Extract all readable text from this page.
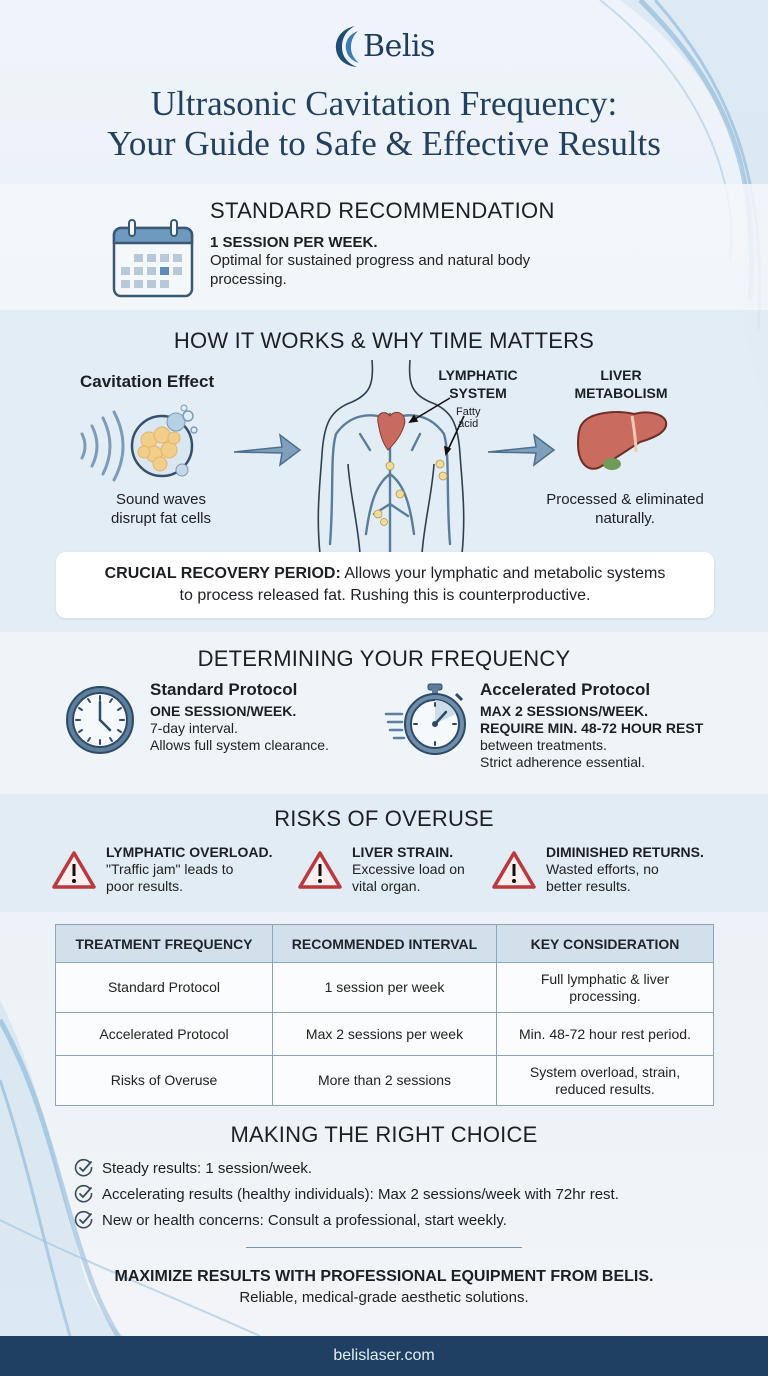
Belis
Ultrasonic Cavitation Frequency:
Your Guide to Safe & Effective Results
STANDARD RECOMMENDATION
1 SESSION PER WEEK.
Optimal for sustained progress and natural body processing.
HOW IT WORKS & WHY TIME MATTERS
Cavitation Effect
Sound waves disrupt fat cells
LYMPHATIC
SYSTEM
Fatty
acid
LIVER
METABOLISM
Processed & eliminated naturally.
CRUCIAL RECOVERY PERIOD: Allows your lymphatic and metabolic systems
to process released fat. Rushing this is counterproductive.
DETERMINING YOUR FREQUENCY
Standard Protocol
ONE SESSION/WEEK.
7-day interval.
Allows full system clearance.
Accelerated Protocol
MAX 2 SESSIONS/WEEK.
REQUIRE MIN. 48-72 HOUR REST
between treatments.
Strict adherence essential.
RISKS OF OVERUSE
LYMPHATIC OVERLOAD.
"Traffic jam" leads to
poor results.
LIVER STRAIN.
Excessive load on
vital organ.
DIMINISHED RETURNS.
Wasted efforts, no
better results.
TREATMENT FREQUENCY	RECOMMENDED INTERVAL	KEY CONSIDERATION
Standard Protocol	1 session per week	Full lymphatic & liver processing.
Accelerated Protocol	Max 2 sessions per week	Min. 48-72 hour rest period.
Risks of Overuse	More than 2 sessions	System overload, strain, reduced results.
MAKING THE RIGHT CHOICE
Steady results: 1 session/week.
Accelerating results (healthy individuals): Max 2 sessions/week with 72hr rest.
New or health concerns: Consult a professional, start weekly.
MAXIMIZE RESULTS WITH PROFESSIONAL EQUIPMENT FROM BELIS.
Reliable, medical-grade aesthetic solutions.
belislaser.com
